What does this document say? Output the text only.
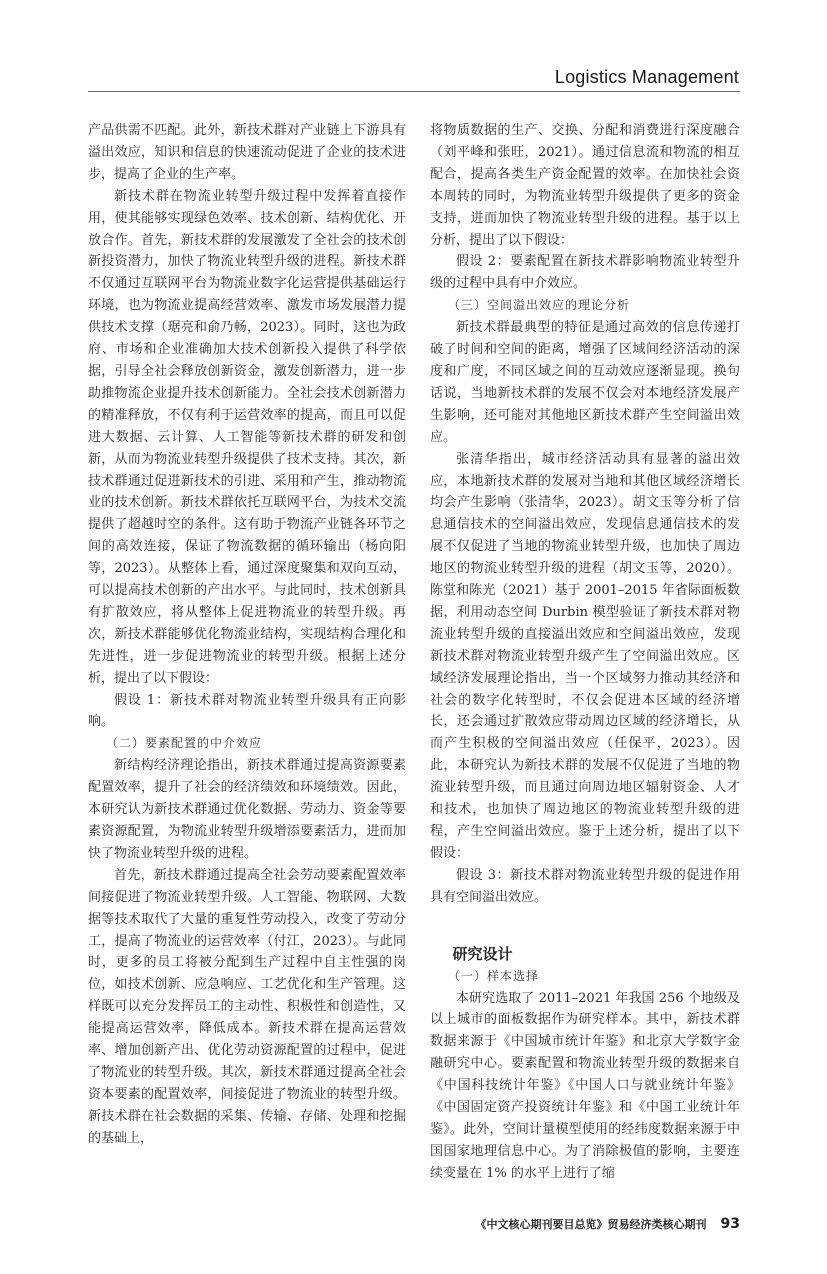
Logistics Management

产品供需不匹配。此外，新技术群对产业链上下游具有溢出效应，知识和信息的快速流动促进了企业的技术进步，提高了企业的生产率。

新技术群在物流业转型升级过程中发挥着直接作用，使其能够实现绿色效率、技术创新、结构优化、开放合作。首先，新技术群的发展激发了全社会的技术创新投资潜力，加快了物流业转型升级的进程。新技术群不仅通过互联网平台为物流业数字化运营提供基础运行环境，也为物流业提高经营效率、激发市场发展潜力提供技术支撑（琚亮和俞乃畅，2023）。同时，这也为政府、市场和企业准确加大技术创新投入提供了科学依据，引导全社会释放创新资金，激发创新潜力，进一步助推物流企业提升技术创新能力。全社会技术创新潜力的精准释放，不仅有利于运营效率的提高，而且可以促进大数据、云计算、人工智能等新技术群的研发和创新，从而为物流业转型升级提供了技术支持。其次，新技术群通过促进新技术的引进、采用和产生，推动物流业的技术创新。新技术群依托互联网平台，为技术交流提供了超越时空的条件。这有助于物流产业链各环节之间的高效连接，保证了物流数据的循环输出（杨向阳等，2023）。从整体上看，通过深度聚集和双向互动，可以提高技术创新的产出水平。与此同时，技术创新具有扩散效应，将从整体上促进物流业的转型升级。再次，新技术群能够优化物流业结构，实现结构合理化和先进性，进一步促进物流业的转型升级。根据上述分析，提出了以下假设：

假设 1：新技术群对物流业转型升级具有正向影响。

（二）要素配置的中介效应

新结构经济理论指出，新技术群通过提高资源要素配置效率，提升了社会的经济绩效和环境绩效。因此，本研究认为新技术群通过优化数据、劳动力、资金等要素资源配置，为物流业转型升级增添要素活力，进而加快了物流业转型升级的进程。

首先，新技术群通过提高全社会劳动要素配置效率间接促进了物流业转型升级。人工智能、物联网、大数据等技术取代了大量的重复性劳动投入，改变了劳动分工，提高了物流业的运营效率（付江，2023）。与此同时，更多的员工将被分配到生产过程中自主性强的岗位，如技术创新、应急响应、工艺优化和生产管理。这样既可以充分发挥员工的主动性、积极性和创造性，又能提高运营效率，降低成本。新技术群在提高运营效率、增加创新产出、优化劳动资源配置的过程中，促进了物流业的转型升级。其次，新技术群通过提高全社会资本要素的配置效率，间接促进了物流业的转型升级。新技术群在社会数据的采集、传输、存储、处理和挖掘的基础上，

将物质数据的生产、交换、分配和消费进行深度融合（刘平峰和张旺，2021）。通过信息流和物流的相互配合，提高各类生产资金配置的效率。在加快社会资本周转的同时，为物流业转型升级提供了更多的资金支持，进而加快了物流业转型升级的进程。基于以上分析，提出了以下假设：

假设 2：要素配置在新技术群影响物流业转型升级的过程中具有中介效应。

（三）空间溢出效应的理论分析

新技术群最典型的特征是通过高效的信息传递打破了时间和空间的距离，增强了区域间经济活动的深度和广度，不同区域之间的互动效应逐渐显现。换句话说，当地新技术群的发展不仅会对本地经济发展产生影响，还可能对其他地区新技术群产生空间溢出效应。

张清华指出，城市经济活动具有显著的溢出效应，本地新技术群的发展对当地和其他区域经济增长均会产生影响（张清华，2023）。胡文玉等分析了信息通信技术的空间溢出效应，发现信息通信技术的发展不仅促进了当地的物流业转型升级，也加快了周边地区的物流业转型升级的进程（胡文玉等，2020）。陈堂和陈光（2021）基于 2001–2015 年省际面板数据，利用动态空间 Durbin 模型验证了新技术群对物流业转型升级的直接溢出效应和空间溢出效应，发现新技术群对物流业转型升级产生了空间溢出效应。区域经济发展理论指出，当一个区域努力推动其经济和社会的数字化转型时，不仅会促进本区域的经济增长，还会通过扩散效应带动周边区域的经济增长，从而产生积极的空间溢出效应（任保平，2023）。因此，本研究认为新技术群的发展不仅促进了当地的物流业转型升级，而且通过向周边地区辐射资金、人才和技术，也加快了周边地区的物流业转型升级的进程，产生空间溢出效应。鉴于上述分析，提出了以下假设：

假设 3：新技术群对物流业转型升级的促进作用具有空间溢出效应。

研究设计
（一）样本选择

本研究选取了 2011–2021 年我国 256 个地级及以上城市的面板数据作为研究样本。其中，新技术群数据来源于《中国城市统计年鉴》和北京大学数字金融研究中心。要素配置和物流业转型升级的数据来自《中国科技统计年鉴》《中国人口与就业统计年鉴》《中国固定资产投资统计年鉴》和《中国工业统计年鉴》。此外，空间计量模型使用的经纬度数据来源于中国国家地理信息中心。为了消除极值的影响，主要连续变量在 1% 的水平上进行了缩

《中文核心期刊要目总览》贸易经济类核心期刊 93
